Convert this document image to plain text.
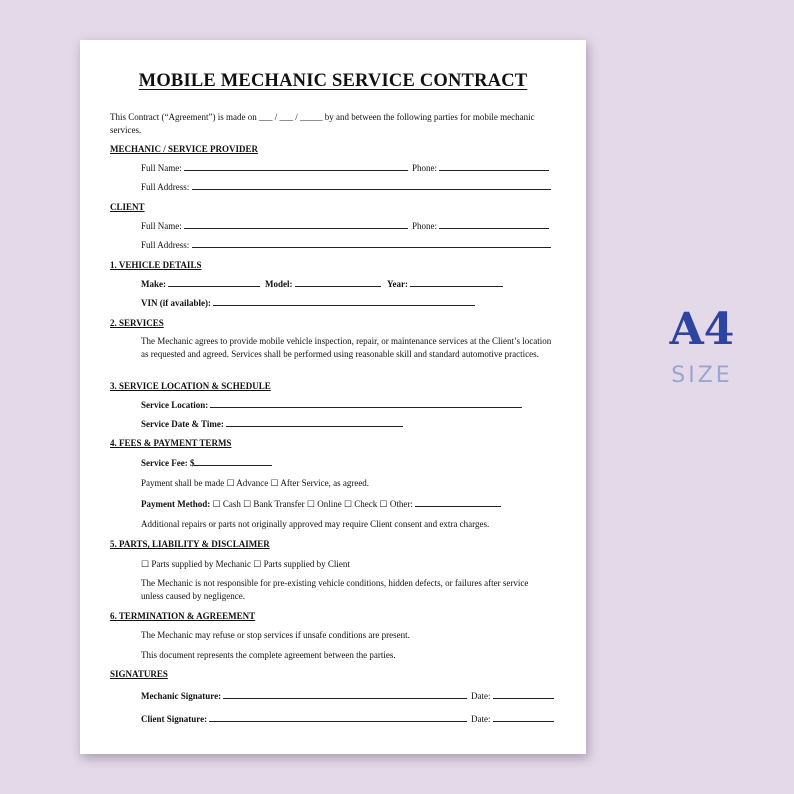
MOBILE MECHANIC SERVICE CONTRACT
This Contract (“Agreement”) is made on ___ / ___ / _____ by and between the following parties for mobile mechanic services.
MECHANIC / SERVICE PROVIDER
Full Name:	Phone:
Full Address:
CLIENT
Full Name:	Phone:
Full Address:
1. VEHICLE DETAILS
Make:	Model:	Year:
VIN (if available):
2. SERVICES
The Mechanic agrees to provide mobile vehicle inspection, repair, or maintenance services at the Client’s location as requested and agreed. Services shall be performed using reasonable skill and standard automotive practices.
3. SERVICE LOCATION & SCHEDULE
Service Location:
Service Date & Time:
4. FEES & PAYMENT TERMS
Service Fee: $
Payment shall be made ☐ Advance ☐ After Service, as agreed.
Payment Method: ☐ Cash ☐ Bank Transfer ☐ Online ☐ Check ☐ Other:
Additional repairs or parts not originally approved may require Client consent and extra charges.
5. PARTS, LIABILITY & DISCLAIMER
☐ Parts supplied by Mechanic ☐ Parts supplied by Client
The Mechanic is not responsible for pre-existing vehicle conditions, hidden defects, or failures after service unless caused by negligence.
6. TERMINATION & AGREEMENT
The Mechanic may refuse or stop services if unsafe conditions are present.
This document represents the complete agreement between the parties.
SIGNATURES
Mechanic Signature:	Date:
Client Signature:	Date:
A4
SIZE
